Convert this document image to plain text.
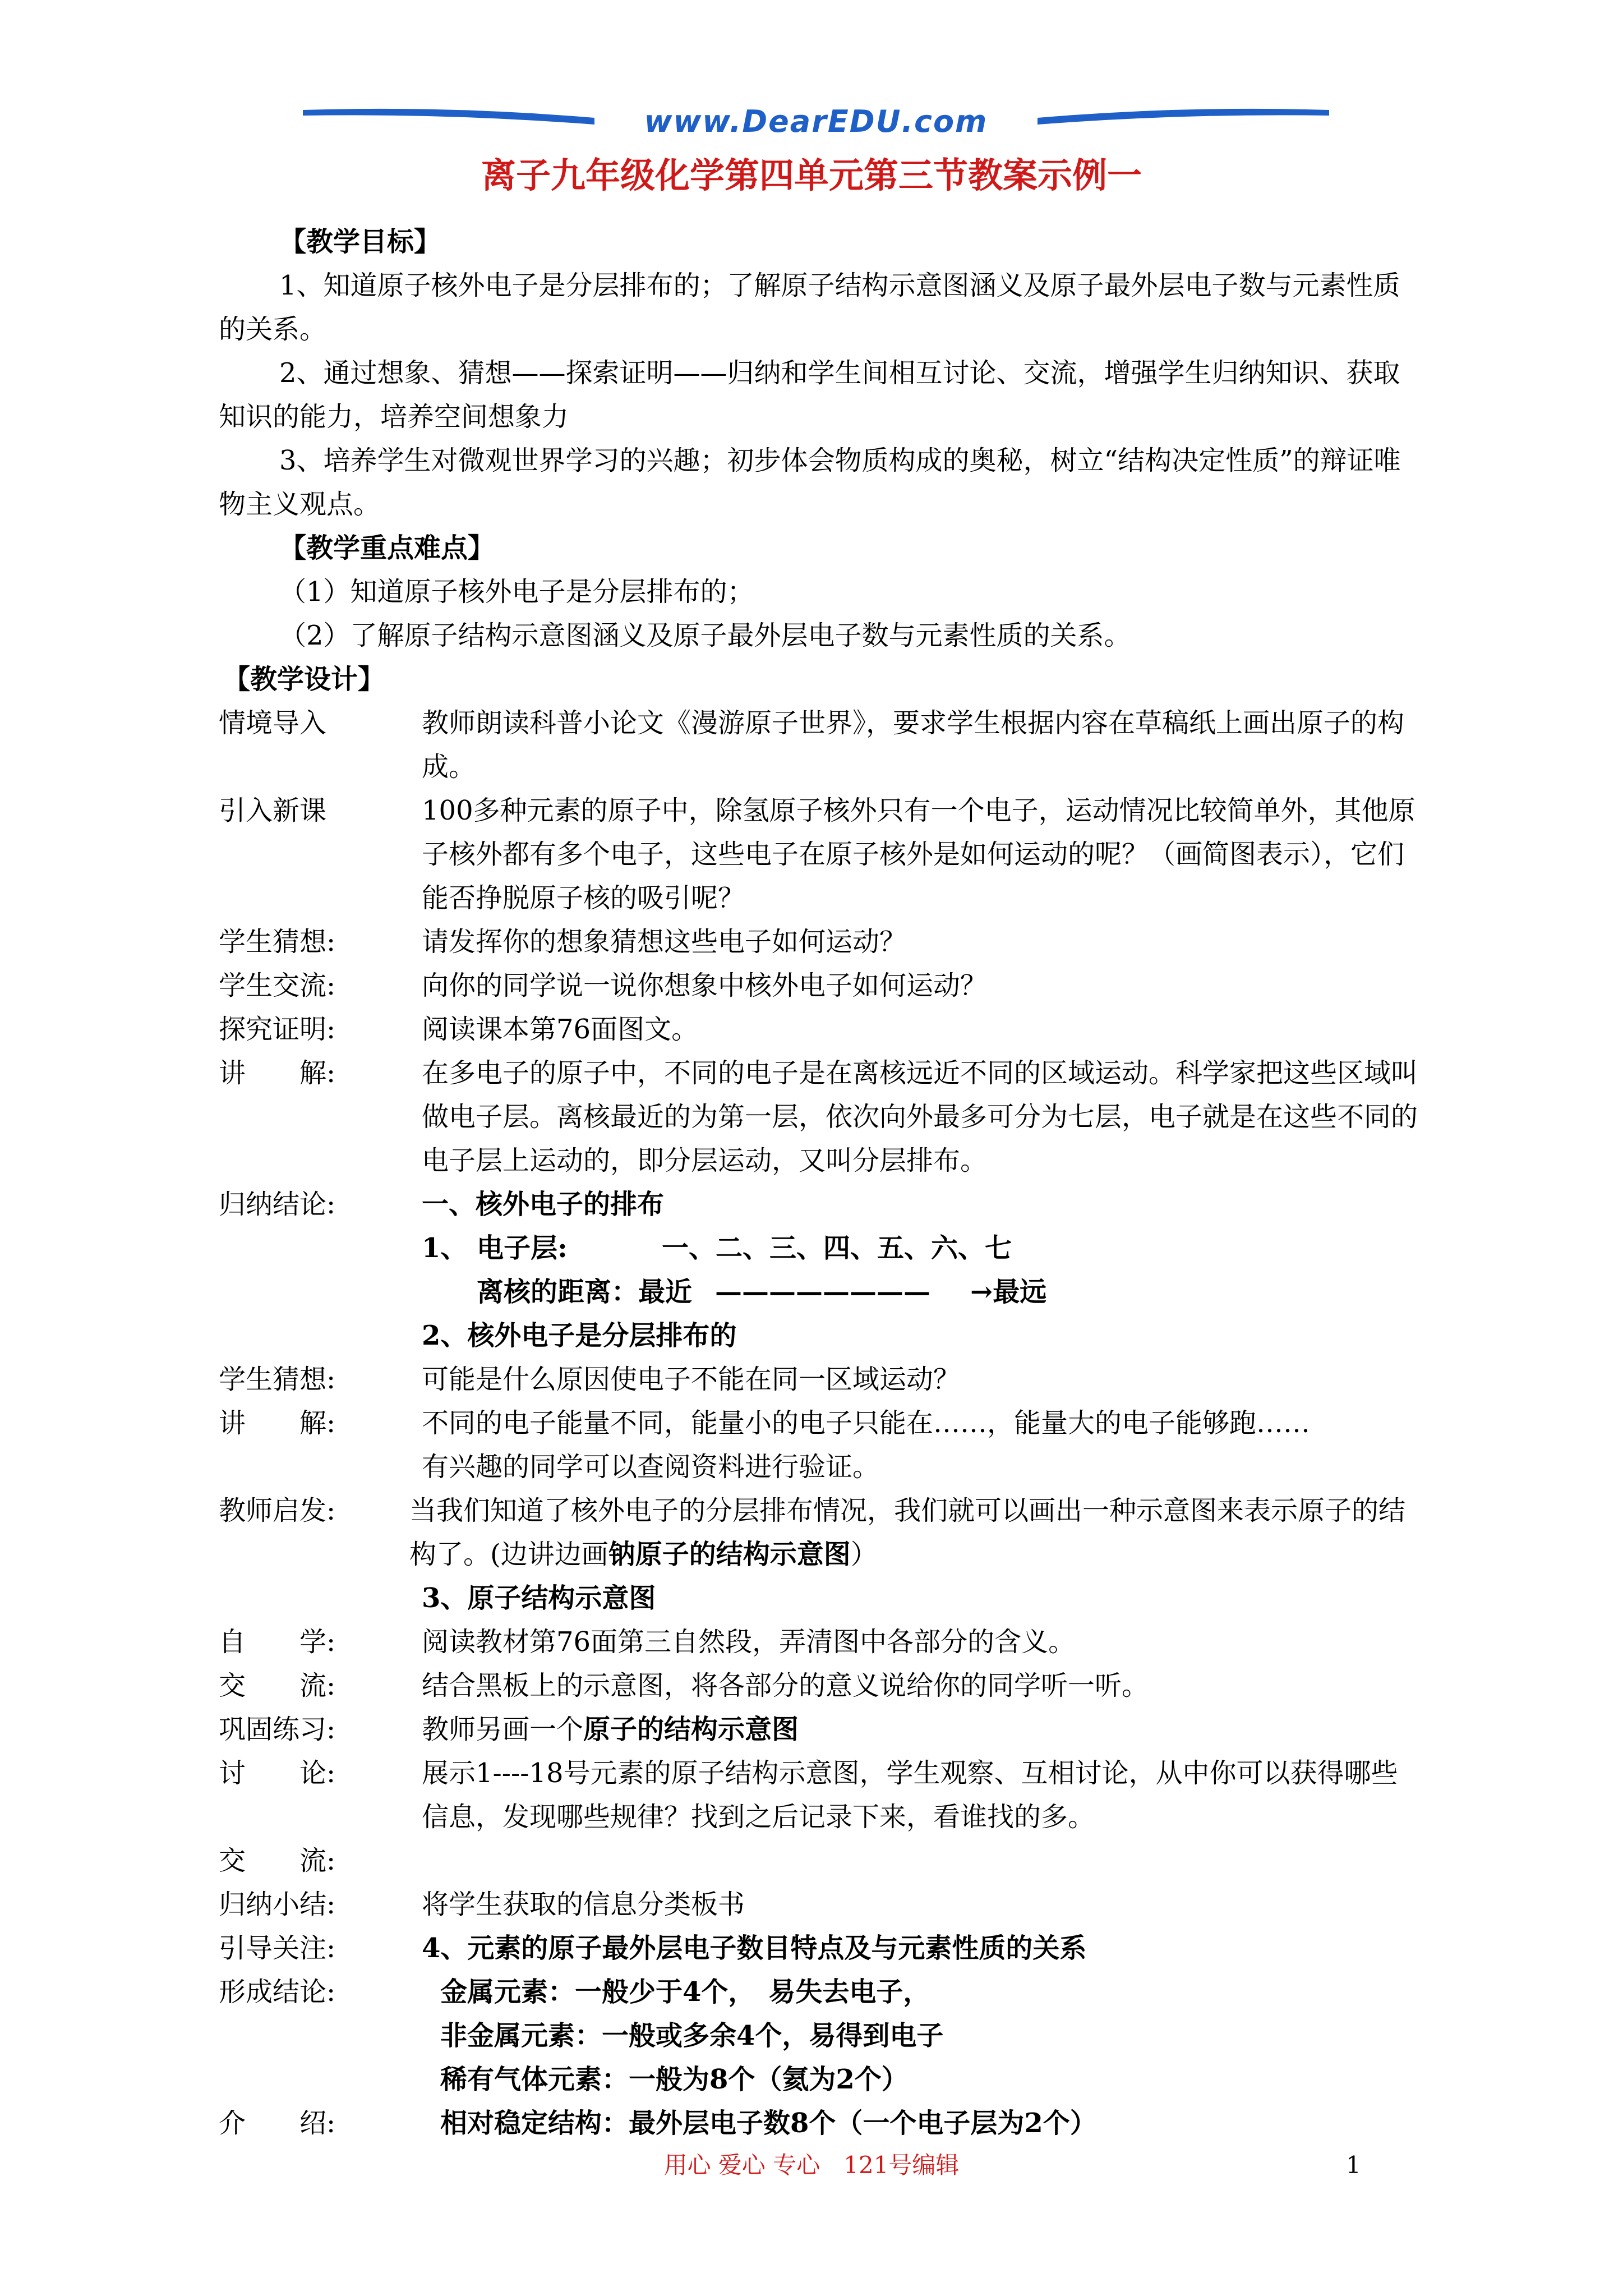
www.DearEDU.com
离子九年级化学第四单元第三节教案示例一
【教学目标】
1、知道原子核外电子是分层排布的；了解原子结构示意图涵义及原子最外层电子数与元素性质的关系。
2、通过想象、猜想——探索证明——归纳和学生间相互讨论、交流，增强学生归纳知识、获取知识的能力，培养空间想象力
3、培养学生对微观世界学习的兴趣；初步体会物质构成的奥秘，树立“结构决定性质”的辩证唯物主义观点。
【教学重点难点】
（1）知道原子核外电子是分层排布的；
（2）了解原子结构示意图涵义及原子最外层电子数与元素性质的关系。
【教学设计】
情境导入	教师朗读科普小论文《漫游原子世界》，要求学生根据内容在草稿纸上画出原子的构成。
引入新课	100多种元素的原子中，除氢原子核外只有一个电子，运动情况比较简单外，其他原子核外都有多个电子，这些电子在原子核外是如何运动的呢？（画简图表示），它们能否挣脱原子核的吸引呢？
学生猜想:	请发挥你的想象猜想这些电子如何运动？
学生交流:	向你的同学说一说你想象中核外电子如何运动？
探究证明:	阅读课本第76面图文。
讲　　解:	在多电子的原子中，不同的电子是在离核远近不同的区域运动。科学家把这些区域叫做电子层。离核最近的为第一层，依次向外最多可分为七层，电子就是在这些不同的电子层上运动的，即分层运动，又叫分层排布。
归纳结论:	一、核外电子的排布
1、 电子层:	一、二、三、四、五、六、七
离核的距离：最近 ———————— →最远
2、核外电子是分层排布的
学生猜想:	可能是什么原因使电子不能在同一区域运动？
讲　　解:	不同的电子能量不同，能量小的电子只能在……，能量大的电子能够跑……
有兴趣的同学可以查阅资料进行验证。
教师启发:	当我们知道了核外电子的分层排布情况，我们就可以画出一种示意图来表示原子的结构了。(边讲边画钠原子的结构示意图）
3、原子结构示意图
自　　学:	阅读教材第76面第三自然段，弄清图中各部分的含义。
交　　流:	结合黑板上的示意图，将各部分的意义说给你的同学听一听。
巩固练习:	教师另画一个原子的结构示意图
讨　　论:	展示1----18号元素的原子结构示意图，学生观察、互相讨论，从中你可以获得哪些信息，发现哪些规律？找到之后记录下来，看谁找的多。
交　　流:
归纳小结:	将学生获取的信息分类板书
引导关注:	4、元素的原子最外层电子数目特点及与元素性质的关系
形成结论:	金属元素：一般少于4个，　易失去电子，
非金属元素：一般或多余4个，易得到电子
稀有气体元素：一般为8个（氦为2个）
介　　绍:	相对稳定结构：最外层电子数8个（一个电子层为2个）
用心 爱心 专心　121号编辑	1
